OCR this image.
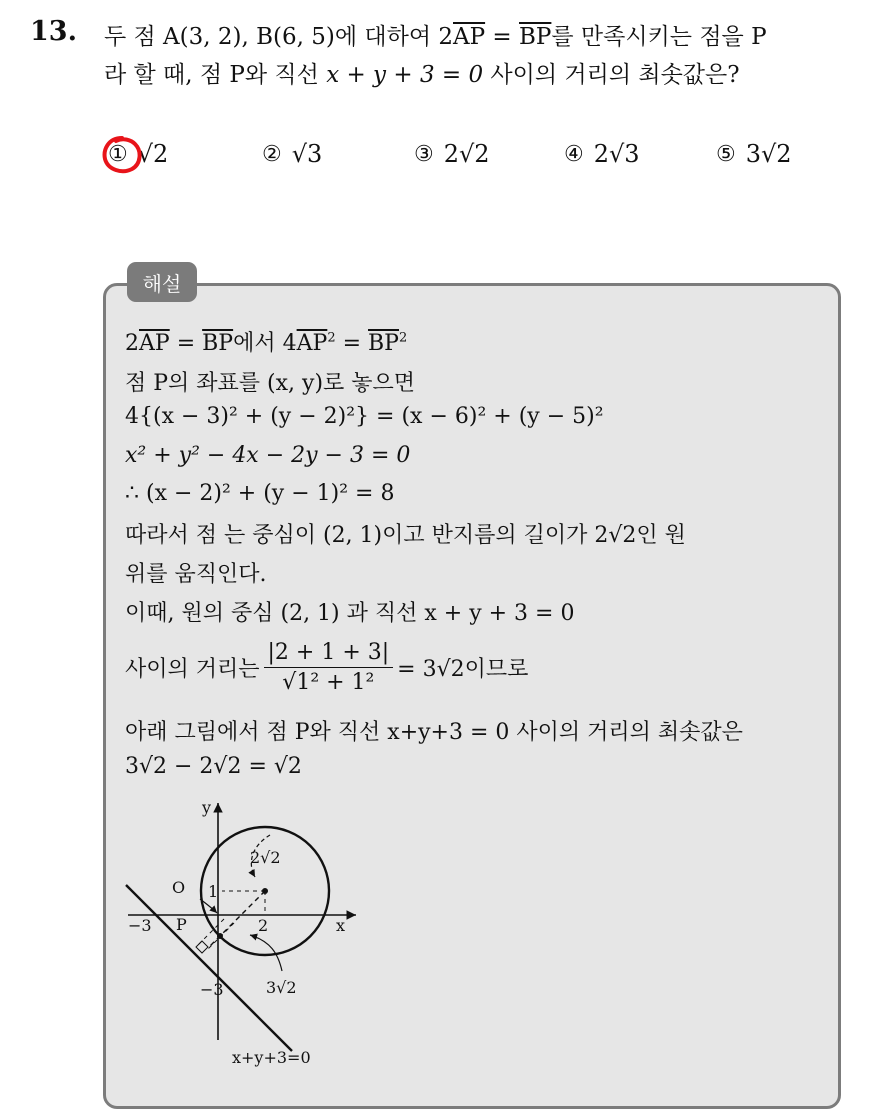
13. 두 점 A(3, 2), B(6, 5)에 대하여 $2\overline{AP} = \overline{BP}$를 만족시키는 점을 P
라 할 때, 점 P와 직선 x + y + 3 = 0 사이의 거리의 최솟값은?
① √2	② √3	③ 2√2	④ 2√3	⑤ 3√2
해설
$2\overline{AP} = \overline{BP}$에서 $4\overline{AP}^2 = \overline{BP}^2$
점 P의 좌표를 (x, y)로 놓으면
4{(x − 3)² + (y − 2)²} = (x − 6)² + (y − 5)²
x² + y² − 4x − 2y − 3 = 0
∴ (x − 2)² + (y − 1)² = 8
따라서 점 는 중심이 (2, 1)이고 반지름의 길이가 2√2인 원
위를 움직인다.
이때, 원의 중심 (2, 1) 과 직선 x + y + 3 = 0
사이의 거리는 $\frac{|2 + 1 + 3|}{\text{√1² + 1²}} = 3√2$이므로
아래 그림에서 점 P와 직선 x+y+3 = 0 사이의 거리의 최솟값은
3√2 − 2√2 = √2
y
x
O
P
−3
−3
1
2
2√2
3√2
x+y+3=0
